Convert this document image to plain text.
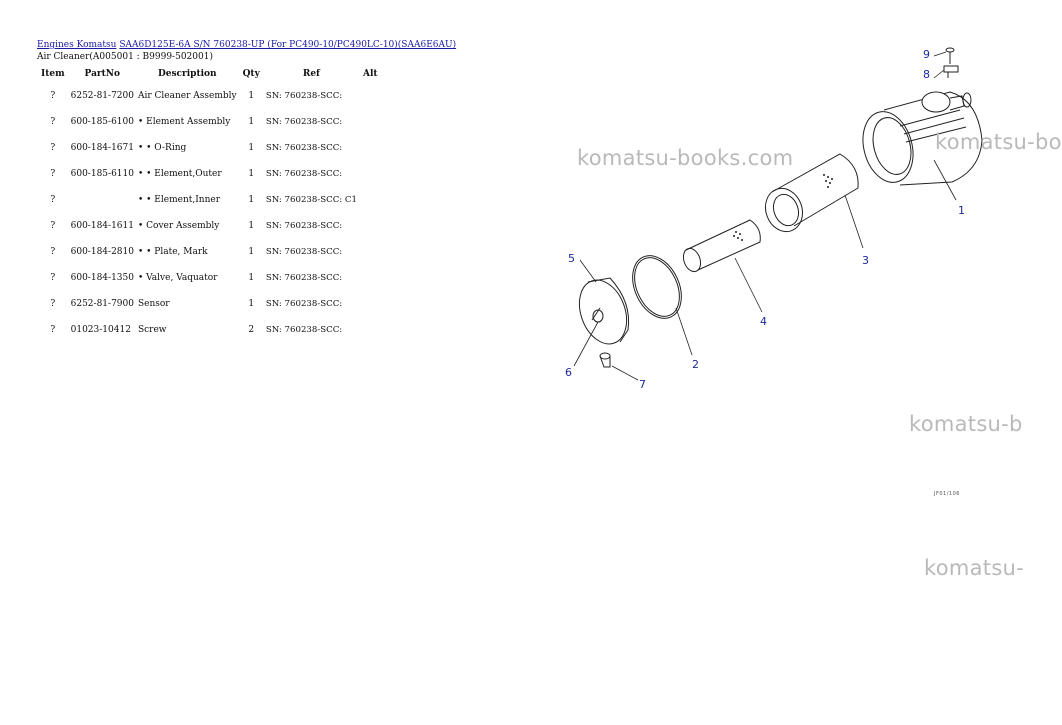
Engines Komatsu SAA6D125E-6A S/N 760238-UP (For PC490-10/PC490LC-10)(SAA6E6AU)
Air Cleaner(A005001 : B9999-502001)
Item	PartNo	Description	Qty	Ref	Alt
?	6252-81-7200	Air Cleaner Assembly	1	SN: 760238-SCC:	
?	600-185-6100	• Element Assembly	1	SN: 760238-SCC:	
?	600-184-1671	• • O-Ring	1	SN: 760238-SCC:	
?	600-185-6110	• • Element,Outer	1	SN: 760238-SCC:	
?		• • Element,Inner	1	SN: 760238-SCC: C1	
?	600-184-1611	• Cover Assembly	1	SN: 760238-SCC:	
?	600-184-2810	• • Plate, Mark	1	SN: 760238-SCC:	
?	600-184-1350	• Valve, Vaquator	1	SN: 760238-SCC:	
?	6252-81-7900	Sensor	1	SN: 760238-SCC:	
?	01023-10412	Screw	2	SN: 760238-SCC:	
1
2
3
4
5
6
7
8
9
JF01/106
komatsu-books.com
komatsu-bo
komatsu-b
komatsu-
